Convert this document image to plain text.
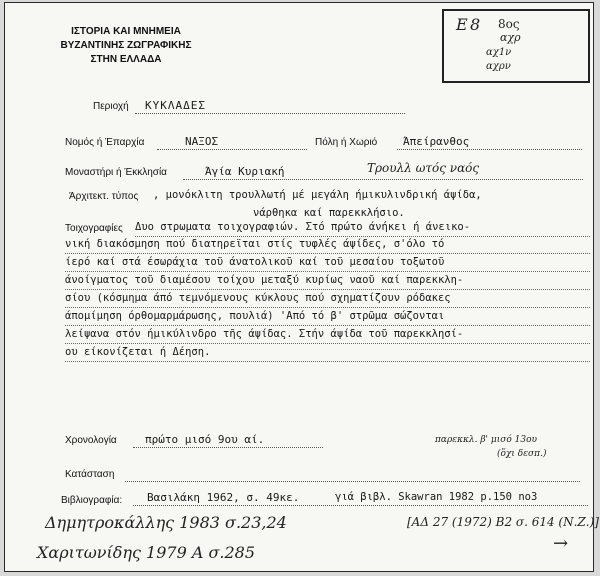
ΙΣΤΟΡΙΑ ΚΑΙ ΜΝΗΜΕΙΑ
ΒΥΖΑΝΤΙΝΗΣ ΖΩΓΡΑΦΙΚΗΣ
ΣΤΗΝ ΕΛΛΑΔΑ
Ε 8 8ος
αχρ
αχ1ν
αχρν
Περιοχή ΚΥΚΛΑΔΕΣ
Νομός ή Έπαρχία	ΝΑΞΟΣ	Πόλη ή Χωριό Άπείρανθος
Μοναστήρι ή Έκκλησία	Άγία Κυριακή	Τρουλλ ωτός ναός
Άρχιτεκτ. τύπος , μονόκλιτη τρουλλωτή μέ μεγάλη ήμικυλινδρική άψίδα,
νάρθηκα καί παρεκκλήσιο.
Τοιχογραφίες Δυο στρωματα τοιχογραφιών. Στό πρώτο άνήκει ή άνεικο-
νική διακόσμηση πού διατηρεϊται στίς τυφλές άψίδες, σ'όλο τό
ίερό καί στά έσωράχια τοῦ άνατολικοῦ καί τοῦ μεσαίου τοξωτοῦ
άνοίγματος τοῦ διαμέσου τοίχου μεταξύ κυρίως ναοῦ καί παρεκκλη-
σίου (κόσμημα άπό τεμνόμενους κύκλους πού σχηματίζουν ρόδακες
άπομίμηση όρθομαρμάρωσης, πουλιά) 'Από τό β' στρῶμα σώζονται
λείψανα στόν ήμικύλινδρο τῆς άψίδας. Στήν άψίδα τοῦ παρεκκλησί-
ου είκονίζεται ή Δέηση.
Χρονολογία	πρώτο μισό 9ου αί.	παρεκκλ. β' μισό 13ου
(ὅχι δεσπ.)
Κατάσταση
Βιβλιογραφία: Βασιλάκη 1962, σ. 49κε.	γιά βιβλ. Skawran 1982 p.150 no3
Δημητροκάλλης 1983 σ.23,24	[ΑΔ 27 (1972) Β2 σ. 614 (Ν.Ζ.)]
Χαριτωνίδης 1979 Α σ.285	→
